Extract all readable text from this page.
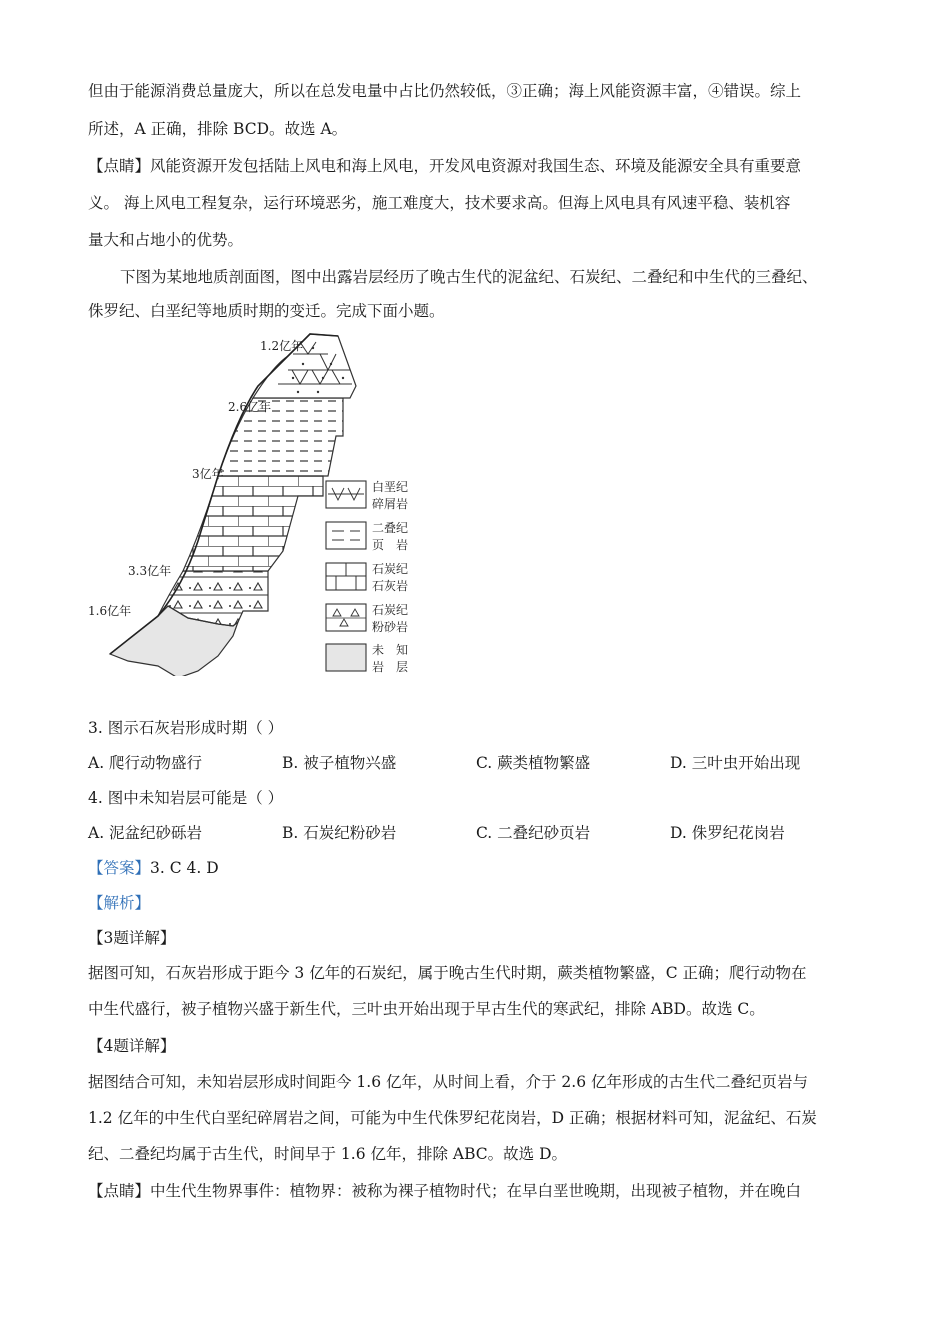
但由于能源消费总量庞大，所以在总发电量中占比仍然较低，③正确；海上风能资源丰富，④错误。综上
所述，A 正确，排除 BCD。故选 A。
【点睛】风能资源开发包括陆上风电和海上风电，开发风电资源对我国生态、环境及能源安全具有重要意
义。 海上风电工程复杂，运行环境恶劣，施工难度大，技术要求高。但海上风电具有风速平稳、装机容
量大和占地小的优势。
下图为某地地质剖面图，图中出露岩层经历了晚古生代的泥盆纪、石炭纪、二叠纪和中生代的三叠纪、
侏罗纪、白垩纪等地质时期的变迁。完成下面小题。
1.2亿年
2.6亿年
3亿年
3.3亿年
1.6亿年
白垩纪
碎屑岩
二叠纪
页　岩
石炭纪
石灰岩
石炭纪
粉砂岩
未　知
岩　层
3. 图示石灰岩形成时期（ ）
A. 爬行动物盛行	B. 被子植物兴盛	C. 蕨类植物繁盛	D. 三叶虫开始出现
4. 图中未知岩层可能是（ ）
A. 泥盆纪砂砾岩	B. 石炭纪粉砂岩	C. 二叠纪砂页岩	D. 侏罗纪花岗岩
【答案】3. C 4. D
【解析】
【3题详解】
据图可知，石灰岩形成于距今 3 亿年的石炭纪，属于晚古生代时期，蕨类植物繁盛，C 正确；爬行动物在
中生代盛行，被子植物兴盛于新生代，三叶虫开始出现于早古生代的寒武纪，排除 ABD。故选 C。
【4题详解】
据图结合可知，未知岩层形成时间距今 1.6 亿年，从时间上看，介于 2.6 亿年形成的古生代二叠纪页岩与
1.2 亿年的中生代白垩纪碎屑岩之间，可能为中生代侏罗纪花岗岩，D 正确；根据材料可知，泥盆纪、石炭
纪、二叠纪均属于古生代，时间早于 1.6 亿年，排除 ABC。故选 D。
【点睛】中生代生物界事件：植物界：被称为裸子植物时代；在早白垩世晚期，出现被子植物，并在晚白
